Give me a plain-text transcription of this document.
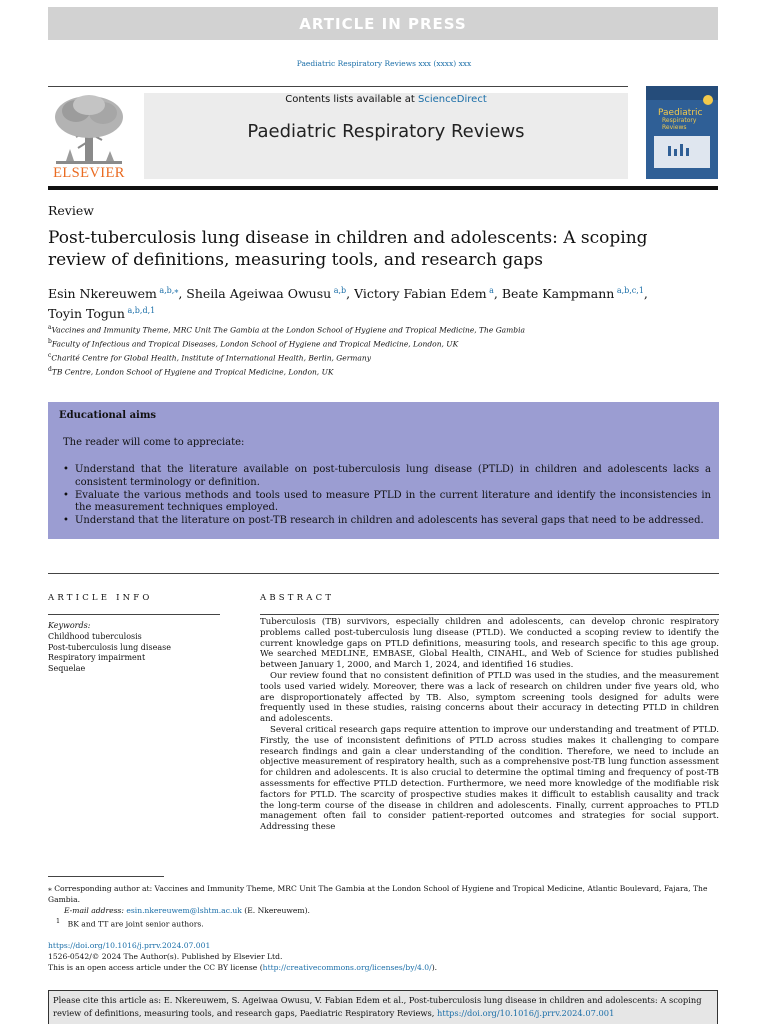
ARTICLE IN PRESS
Paediatric Respiratory Reviews xxx (xxxx) xxx
ELSEVIER
Contents lists available at ScienceDirect
Paediatric Respiratory Reviews
Paediatric
Respiratory Reviews
Review
Post-tuberculosis lung disease in children and adolescents: A scoping review of definitions, measuring tools, and research gaps
Esin Nkereuwem  $^{a,b,⁎}$, Sheila Ageiwaa Owusu  $^{a,b}$, Victory Fabian Edem  $^a$, Beate Kampmann  $^{a,b,c,1}$,
Toyin Togun  $^{a,b,d,1}$
$^a$Vaccines and Immunity Theme, MRC Unit The Gambia at the London School of Hygiene and Tropical Medicine, The Gambia
$^b$Faculty of Infectious and Tropical Diseases, London School of Hygiene and Tropical Medicine, London, UK
$^c$Charité Centre for Global Health, Institute of International Health, Berlin, Germany
$^d$TB Centre, London School of Hygiene and Tropical Medicine, London, UK
Educational aims
The reader will come to appreciate:
• Understand that the literature available on post-tuberculosis lung disease (PTLD) in children and adolescents lacks a consistent terminology or definition.
• Evaluate the various methods and tools used to measure PTLD in the current literature and identify the inconsistencies in the measurement techniques employed.
• Understand that the literature on post-TB research in children and adolescents has several gaps that need to be addressed.
ARTICLE INFO	ABSTRACT
Keywords:
Childhood tuberculosis
Post-tuberculosis lung disease
Respiratory impairment
Sequelae

Tuberculosis (TB) survivors, especially children and adolescents, can develop chronic respiratory problems called post-tuberculosis lung disease (PTLD). We conducted a scoping review to identify the current knowledge gaps on PTLD definitions, measuring tools, and research specific to this age group. We searched MEDLINE, EMBASE, Global Health, CINAHL, and Web of Science for studies published between January 1, 2000, and March 1, 2024, and identified 16 studies.

Our review found that no consistent definition of PTLD was used in the studies, and the measurement tools used varied widely. Moreover, there was a lack of research on children under five years old, who are disproportionately affected by TB. Also, symptom screening tools designed for adults were frequently used in these studies, raising concerns about their accuracy in detecting PTLD in children and adolescents.

Several critical research gaps require attention to improve our understanding and treatment of PTLD. Firstly, the use of inconsistent definitions of PTLD across studies makes it challenging to compare research findings and gain a clear understanding of the condition. Therefore, we need to include an objective measurement of respiratory health, such as a comprehensive post-TB lung function assessment for children and adolescents. It is also crucial to determine the optimal timing and frequency of post-TB assessments for effective PTLD detection. Furthermore, we need more knowledge of the modifiable risk factors for PTLD. The scarcity of prospective studies makes it difficult to establish causality and track the long-term course of the disease in children and adolescents. Finally, current approaches to PTLD management often fail to consider patient-reported outcomes and strategies for social support. Addressing these

⁎ Corresponding author at: Vaccines and Immunity Theme, MRC Unit The Gambia at the London School of Hygiene and Tropical Medicine, Atlantic Boulevard, Fajara, The Gambia.
E-mail address: esin.nkereuwem@lshtm.ac.uk (E. Nkereuwem).
$^1$  BK and TT are joint senior authors.
https://doi.org/10.1016/j.prrv.2024.07.001
1526-0542/© 2024 The Author(s). Published by Elsevier Ltd.
This is an open access article under the CC BY license (http://creativecommons.org/licenses/by/4.0/).
Please cite this article as: E. Nkereuwem, S. Ageiwaa Owusu, V. Fabian Edem et al., Post-tuberculosis lung disease in children and adolescents: A scoping review of definitions, measuring tools, and research gaps, Paediatric Respiratory Reviews, https://doi.org/10.1016/j.prrv.2024.07.001
